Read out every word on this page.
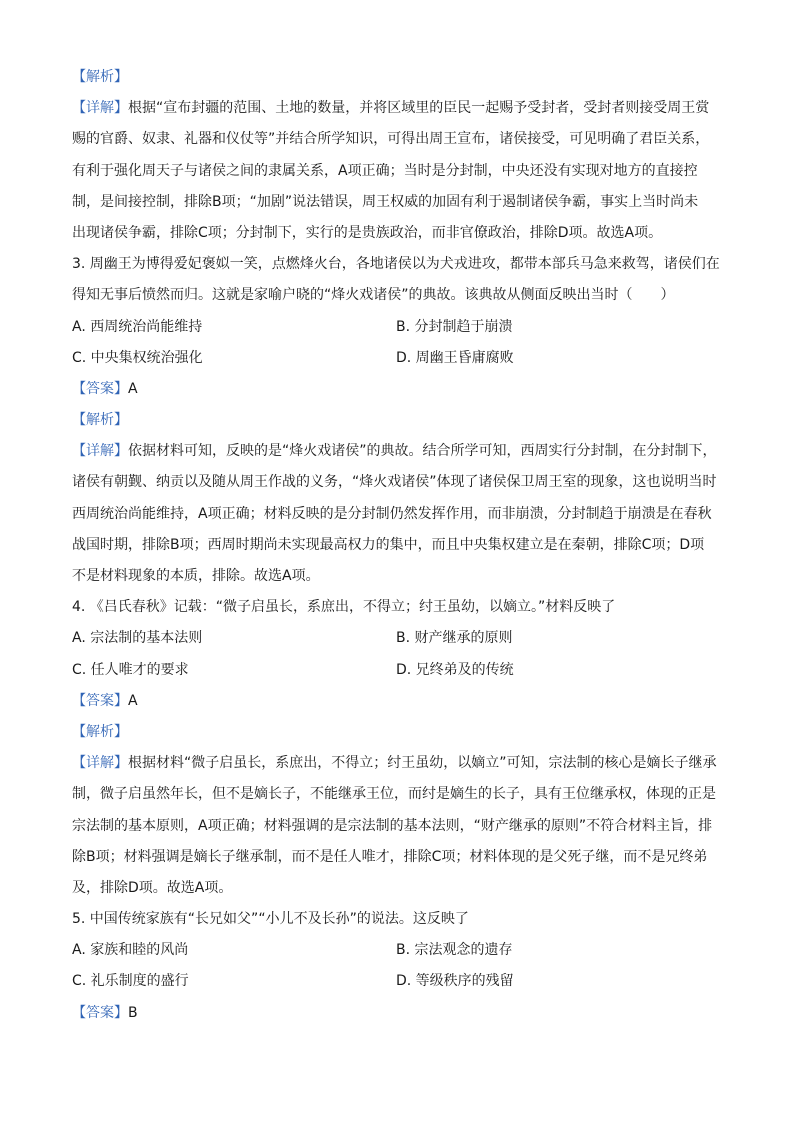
【解析】
【详解】根据“宣布封疆的范围、土地的数量，并将区域里的臣民一起赐予受封者，受封者则接受周王赏
赐的官爵、奴隶、礼器和仪仗等”并结合所学知识，可得出周王宣布，诸侯接受，可见明确了君臣关系，
有利于强化周天子与诸侯之间的隶属关系，A项正确；当时是分封制，中央还没有实现对地方的直接控
制，是间接控制，排除B项；“加剧”说法错误，周王权威的加固有利于遏制诸侯争霸，事实上当时尚未
出现诸侯争霸，排除C项；分封制下，实行的是贵族政治，而非官僚政治，排除D项。故选A项。
3. 周幽王为博得爱妃褒姒一笑，点燃烽火台，各地诸侯以为犬戎进攻，都带本部兵马急来救驾，诸侯们在
得知无事后愤然而归。这就是家喻户晓的“烽火戏诸侯”的典故。该典故从侧面反映出当时（　　）
A. 西周统治尚能维持	B. 分封制趋于崩溃
C. 中央集权统治强化	D. 周幽王昏庸腐败
【答案】A
【解析】
【详解】依据材料可知，反映的是“烽火戏诸侯”的典故。结合所学可知，西周实行分封制，在分封制下，
诸侯有朝觐、纳贡以及随从周王作战的义务，“烽火戏诸侯”体现了诸侯保卫周王室的现象，这也说明当时
西周统治尚能维持，A项正确；材料反映的是分封制仍然发挥作用，而非崩溃，分封制趋于崩溃是在春秋
战国时期，排除B项；西周时期尚未实现最高权力的集中，而且中央集权建立是在秦朝，排除C项；D项
不是材料现象的本质，排除。故选A项。
4. 《吕氏春秋》记载：“微子启虽长，系庶出，不得立；纣王虽幼，以嫡立。”材料反映了
A. 宗法制的基本法则	B. 财产继承的原则
C. 任人唯才的要求	D. 兄终弟及的传统
【答案】A
【解析】
【详解】根据材料“微子启虽长，系庶出，不得立；纣王虽幼，以嫡立”可知，宗法制的核心是嫡长子继承
制，微子启虽然年长，但不是嫡长子，不能继承王位，而纣是嫡生的长子，具有王位继承权，体现的正是
宗法制的基本原则，A项正确；材料强调的是宗法制的基本法则，“财产继承的原则”不符合材料主旨，排
除B项；材料强调是嫡长子继承制，而不是任人唯才，排除C项；材料体现的是父死子继，而不是兄终弟
及，排除D项。故选A项。
5. 中国传统家族有“长兄如父”“小儿不及长孙”的说法。这反映了
A. 家族和睦的风尚	B. 宗法观念的遗存
C. 礼乐制度的盛行	D. 等级秩序的残留
【答案】B
